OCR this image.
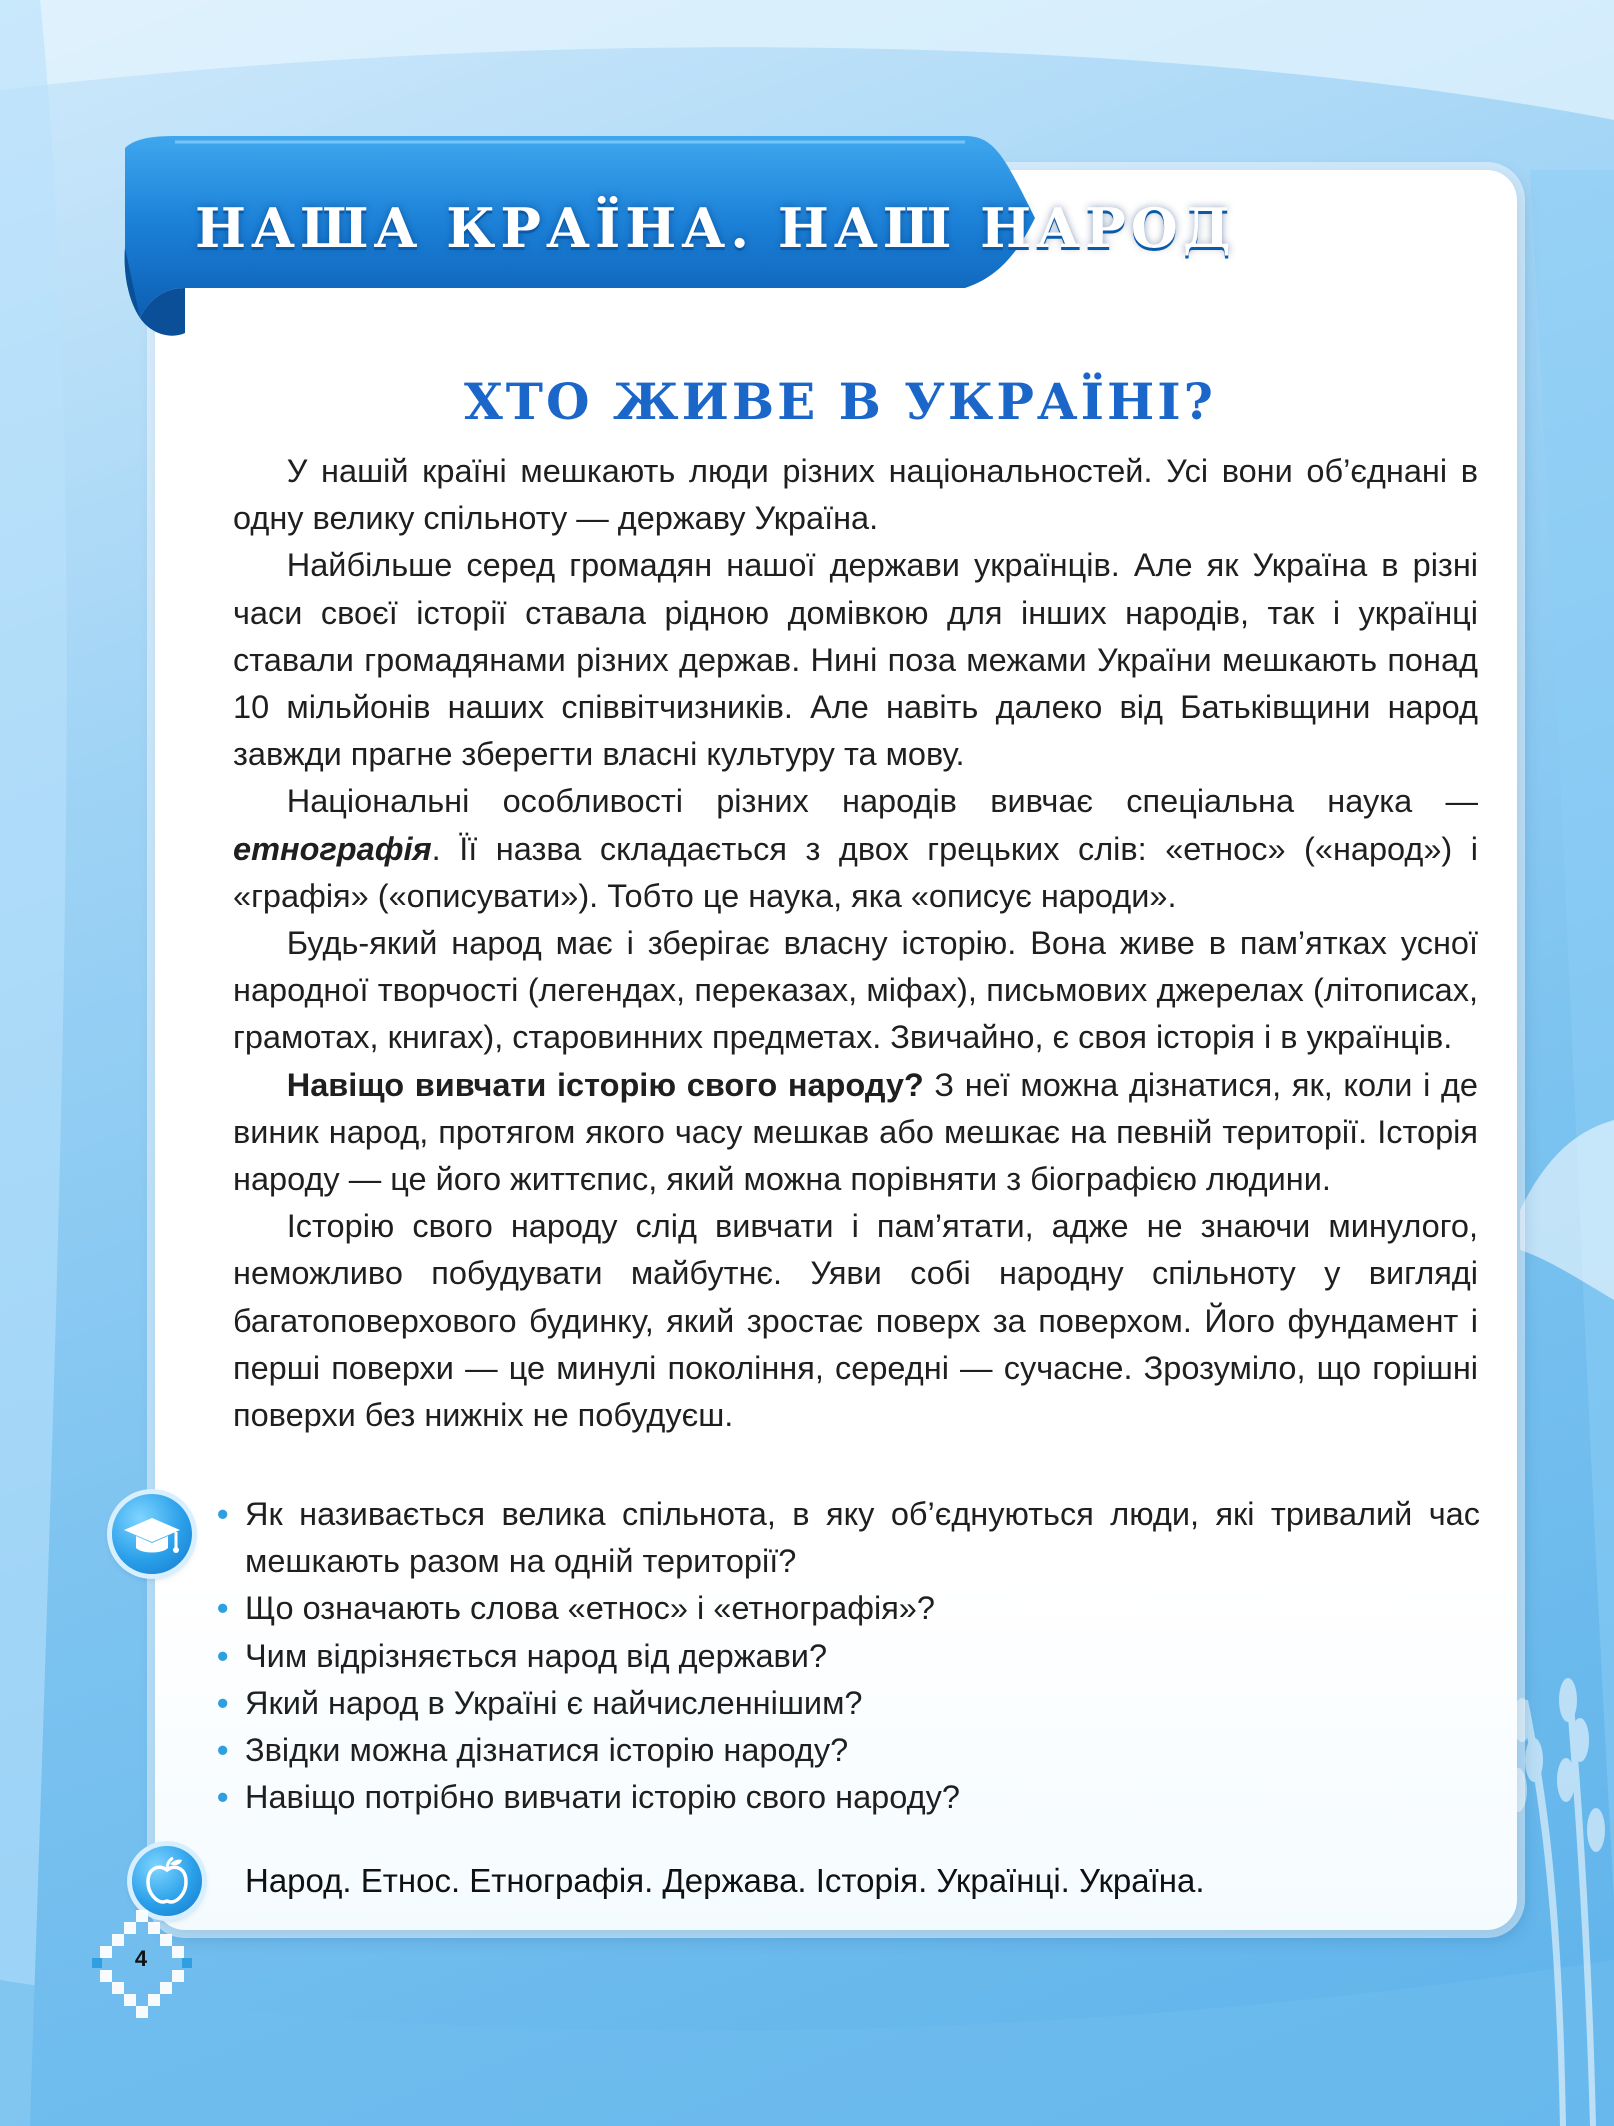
НАША КРАЇНА. НАШ НАРОД
ХТО ЖИВЕ В УКРАЇНІ?

  У нашій країні мешкають люди різних національностей. Усі вони об’єднані в одну велику спільноту — державу Україна.

  Найбільше серед громадян нашої держави українців. Але як Україна в різні часи своєї історії ставала рідною домівкою для інших народів, так і українці ставали громадянами різних держав. Нині поза межами України мешкають понад 10 мільйонів наших співвітчизників. Але навіть далеко від Батьківщини народ завжди прагне зберегти власні культуру та мову.

  Національні особливості різних народів вивчає спеціальна наука — етнографія. Її назва складається з двох грецьких слів: «етнос» («народ») і «графія» («описувати»). Тобто це наука, яка «описує народи».

  Будь-який народ має і зберігає власну історію. Вона живе в пам’ятках усної народної творчості (легендах, переказах, міфах), письмових джерелах (літописах, грамотах, книгах), старовинних предметах. Звичайно, є своя історія і в українців.

  Навіщо вивчати історію свого народу? З неї можна дізнатися, як, коли і де виник народ, протягом якого часу мешкав або мешкає на певній території. Історія народу — це його життєпис, який можна порівняти з біографією людини.

  Історію свого народу слід вивчати і пам’ятати, адже не знаючи минулого, неможливо побудувати майбутнє. Уяви собі народну спільноту у вигляді багатоповерхового будинку, який зростає поверх за поверхом. Його фундамент і перші поверхи — це минулі покоління, середні — сучасне. Зрозуміло, що горішні поверхи без нижніх не побудуєш.

• Як називається велика спільнота, в яку об’єднуються люди, які тривалий час мешкають разом на одній території?
• Що означають слова «етнос» і «етнографія»?
• Чим відрізняється народ від держави?
• Який народ в Україні є найчисленнішим?
• Звідки можна дізнатися історію народу?
• Навіщо потрібно вивчати історію свого народу?

Народ. Етнос. Етнографія. Держава. Історія. Українці. Україна.

4
